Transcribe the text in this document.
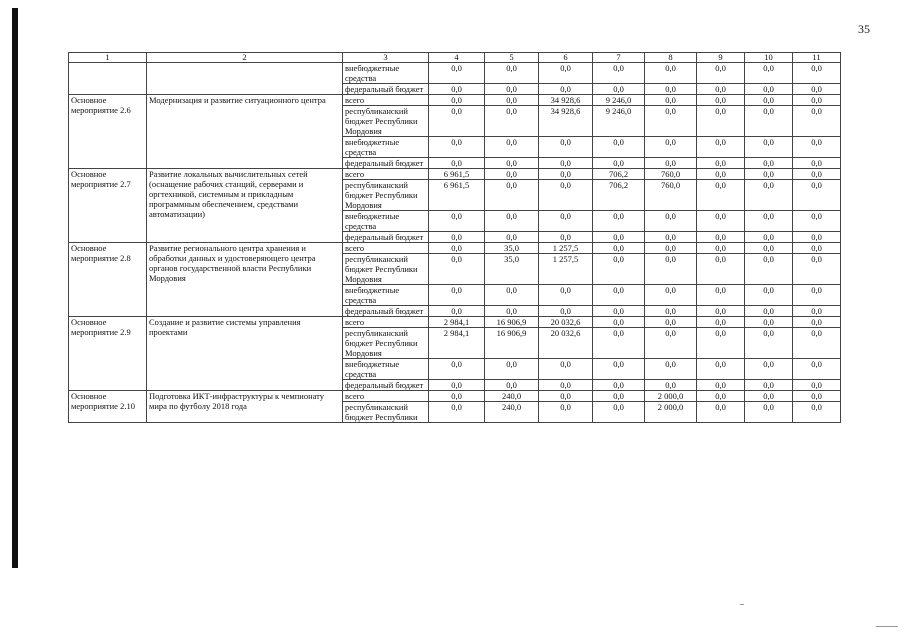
35
1	2	3	4	5	6	7	8	9	10	11
		внебюджетные средства	0,0	0,0	0,0	0,0	0,0	0,0	0,0	0,0
		федеральный бюджет	0,0	0,0	0,0	0,0	0,0	0,0	0,0	0,0
Основное мероприятие 2.6	Модернизация и развитие ситуационного центра	всего	0,0	0,0	34 928,6	9 246,0	0,0	0,0	0,0	0,0
		республиканский бюджет Республики Мордовия	0,0	0,0	34 928,6	9 246,0	0,0	0,0	0,0	0,0
		внебюджетные средства	0,0	0,0	0,0	0,0	0,0	0,0	0,0	0,0
		федеральный бюджет	0,0	0,0	0,0	0,0	0,0	0,0	0,0	0,0
Основное мероприятие 2.7	Развитие локальных вычислительных сетей (оснащение рабочих станций, серверами и оргтехникой, системным и прикладным программным обеспечением, средствами автоматизации)	всего	6 961,5	0,0	0,0	706,2	760,0	0,0	0,0	0,0
		республиканский бюджет Республики Мордовия	6 961,5	0,0	0,0	706,2	760,0	0,0	0,0	0,0
		внебюджетные средства	0,0	0,0	0,0	0,0	0,0	0,0	0,0	0,0
		федеральный бюджет	0,0	0,0	0,0	0,0	0,0	0,0	0,0	0,0
Основное мероприятие 2.8	Развитие регионального центра хранения и обработки данных и удостоверяющего центра органов государственной власти Республики Мордовия	всего	0,0	35,0	1 257,5	0,0	0,0	0,0	0,0	0,0
		республиканский бюджет Республики Мордовия	0,0	35,0	1 257,5	0,0	0,0	0,0	0,0	0,0
		внебюджетные средства	0,0	0,0	0,0	0,0	0,0	0,0	0,0	0,0
		федеральный бюджет	0,0	0,0	0,0	0,0	0,0	0,0	0,0	0,0
Основное мероприятие 2.9	Создание и развитие системы управления проектами	всего	2 984,1	16 906,9	20 032,6	0,0	0,0	0,0	0,0	0,0
		республиканский бюджет Республики Мордовия	2 984,1	16 906,9	20 032,6	0,0	0,0	0,0	0,0	0,0
		внебюджетные средства	0,0	0,0	0,0	0,0	0,0	0,0	0,0	0,0
		федеральный бюджет	0,0	0,0	0,0	0,0	0,0	0,0	0,0	0,0
Основное мероприятие 2.10	Подготовка ИКТ-инфраструктуры к чемпионату мира по футболу 2018 года	всего	0,0	240,0	0,0	0,0	2 000,0	0,0	0,0	0,0
		республиканский бюджет Республики	0,0	240,0	0,0	0,0	2 000,0	0,0	0,0	0,0
